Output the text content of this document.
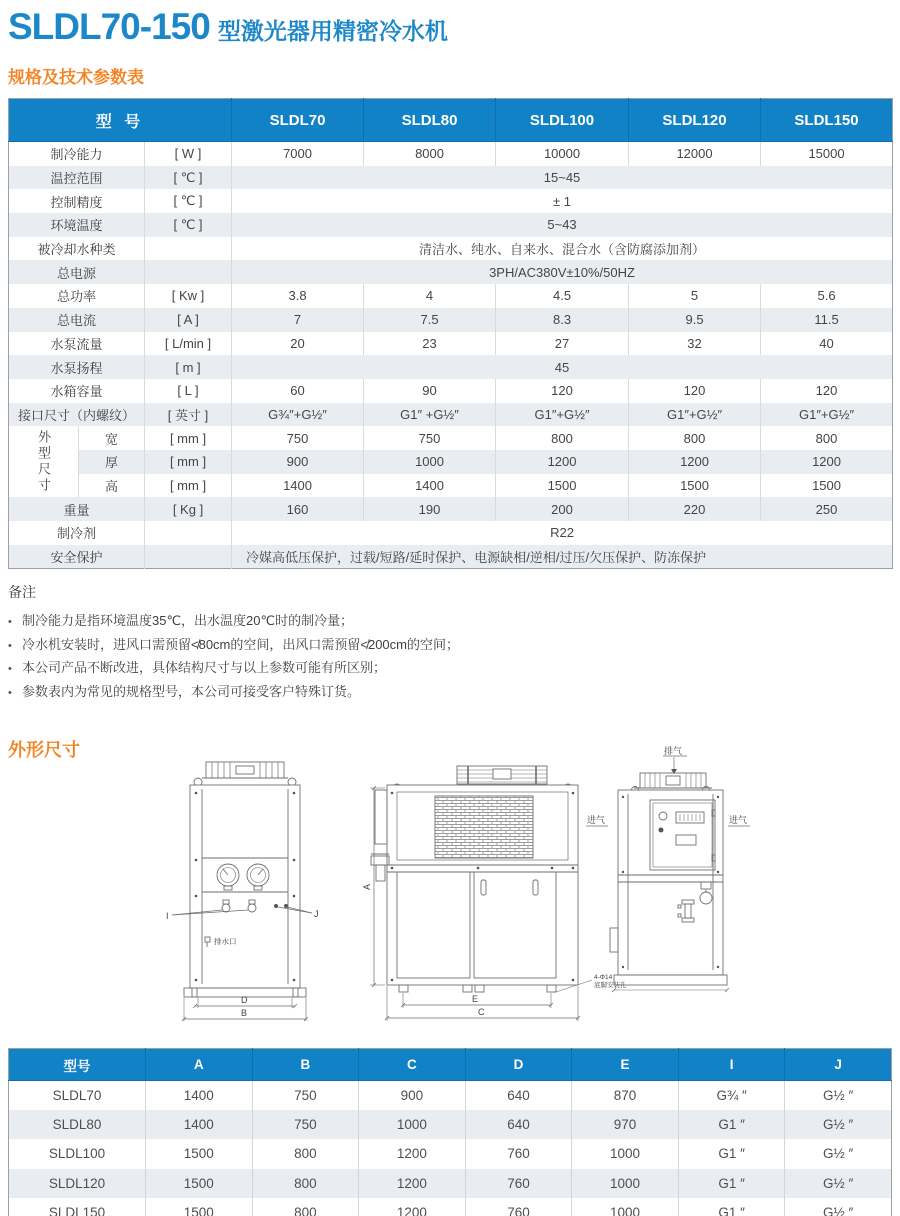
SLDL70-150 型激光器用精密冷水机
规格及技术参数表
型 号			SLDL70	SLDL80	SLDL100	SLDL120	SLDL150
制冷能力		[ W ]	7000	8000	10000	12000	15000
温控范围		[ ℃ ]	15~45				
控制精度		[ ℃ ]	± 1				
环境温度		[ ℃ ]	5~43				
被冷却水种类			清洁水、纯水、自来水、混合水（含防腐添加剂）				
总电源			3PH/AC380V±10%/50HZ				
总功率		[ Kw ]	3.8	4	4.5	5	5.6
总电流		[ A ]	7	7.5	8.3	9.5	11.5
水泵流量		[ L/min ]	20	23	27	32	40
水泵扬程		[ m ]	45				
水箱容量		[ L ]	60	90	120	120	120
接口尺寸（内螺纹）		[ 英寸 ]	G¾″+G½″	G1″ +G½″	G1″+G½″	G1″+G½″	G1″+G½″
外型尺寸	宽	[ mm ]	750	750	800	800	800
	厚	[ mm ]	900	1000	1200	1200	1200
	高	[ mm ]	1400	1400	1500	1500	1500
重量		[ Kg ]	160	190	200	220	250
制冷剂			R22				
安全保护			冷媒高低压保护，过载/短路/延时保护、电源缺相/逆相/过压/欠压保护、防冻保护				
备注
• 制冷能力是指环境温度35℃，出水温度20℃时的制冷量；
• 冷水机安装时，进风口需预留≮80cm的空间，出风口需预留≮200cm的空间；
• 本公司产品不断改进，具体结构尺寸与以上参数可能有所区别；
• 参数表内为常见的规格型号，本公司可接受客户特殊订货。
外形尺寸
I	J
排水口
D
B
A
E
C
4-Φ14
底脚安装孔
排气
进气	进气
型号	A	B	C	D	E	I	J
SLDL70	1400	750	900	640	870	G¾ ″	G½ ″
SLDL80	1400	750	1000	640	970	G1 ″	G½ ″
SLDL100	1500	800	1200	760	1000	G1 ″	G½ ″
SLDL120	1500	800	1200	760	1000	G1 ″	G½ ″
SLDL150	1500	800	1200	760	1000	G1 ″	G½ ″
